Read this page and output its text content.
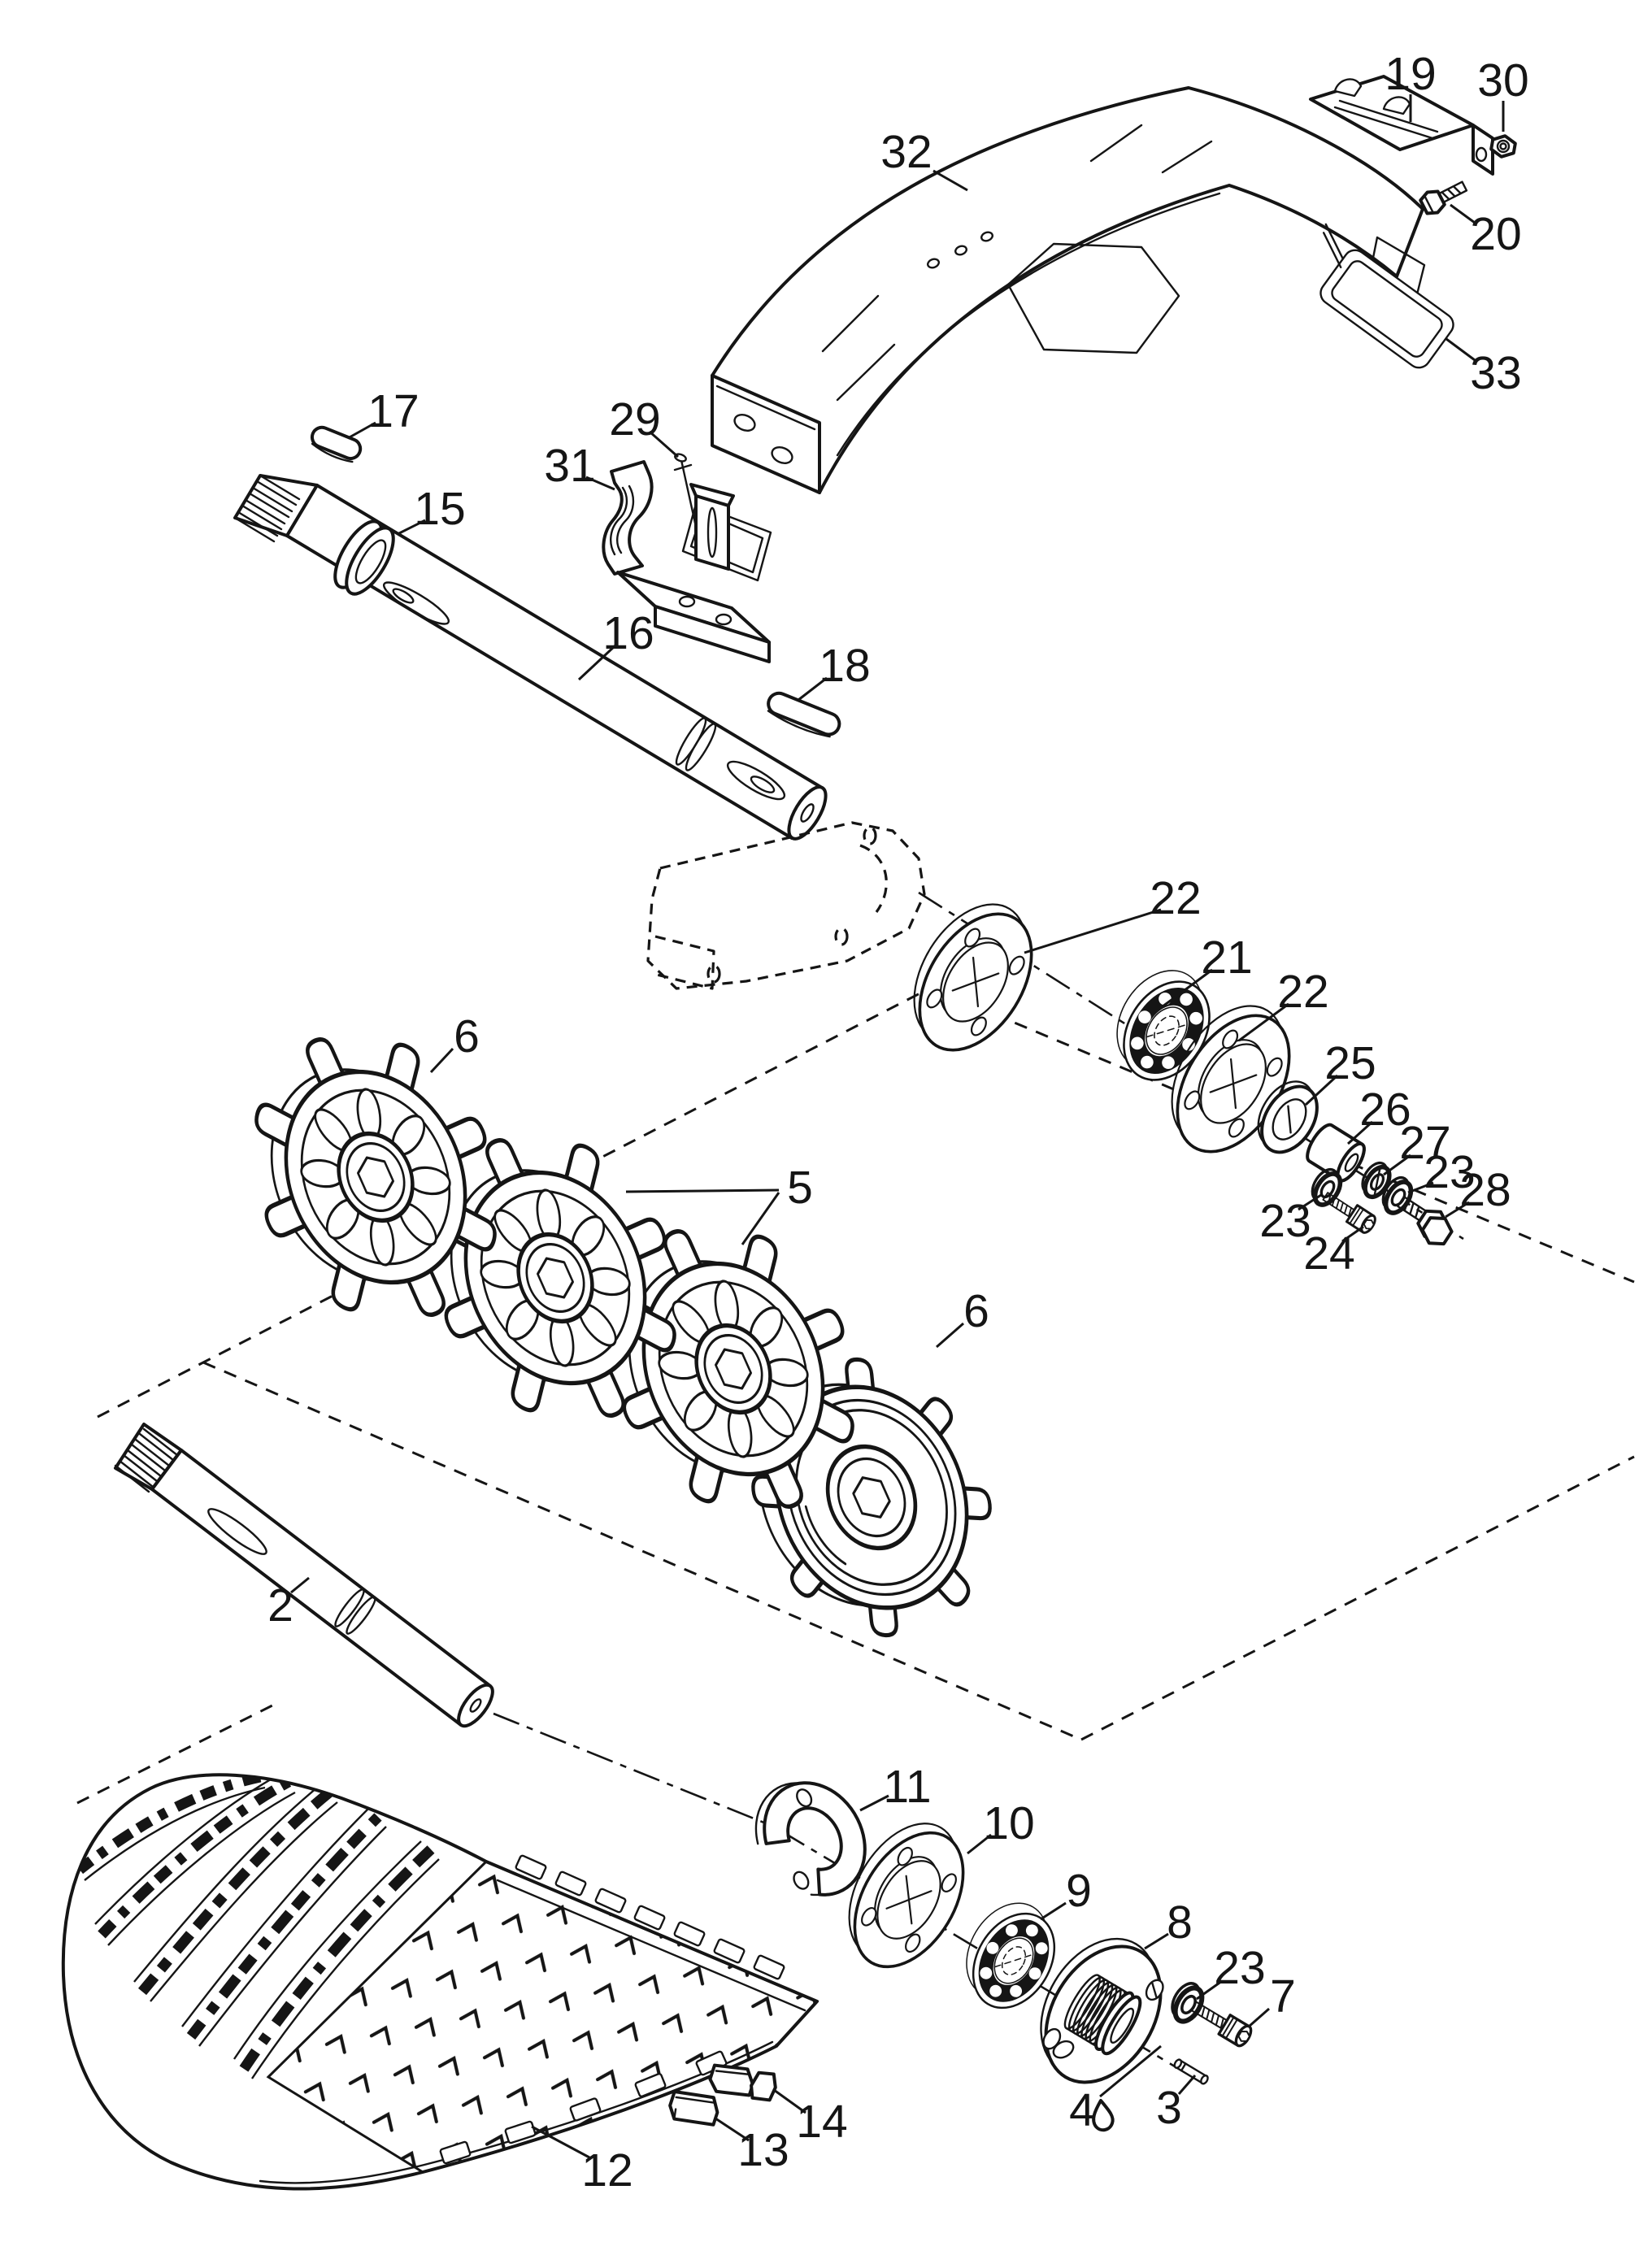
32
19 30
20
33
17	29
31
15
16
18
22
21
22
25
26
27
23
28
23
24
6
5
6
2
11
10
9
8
23
7
3
4
14
13
12
